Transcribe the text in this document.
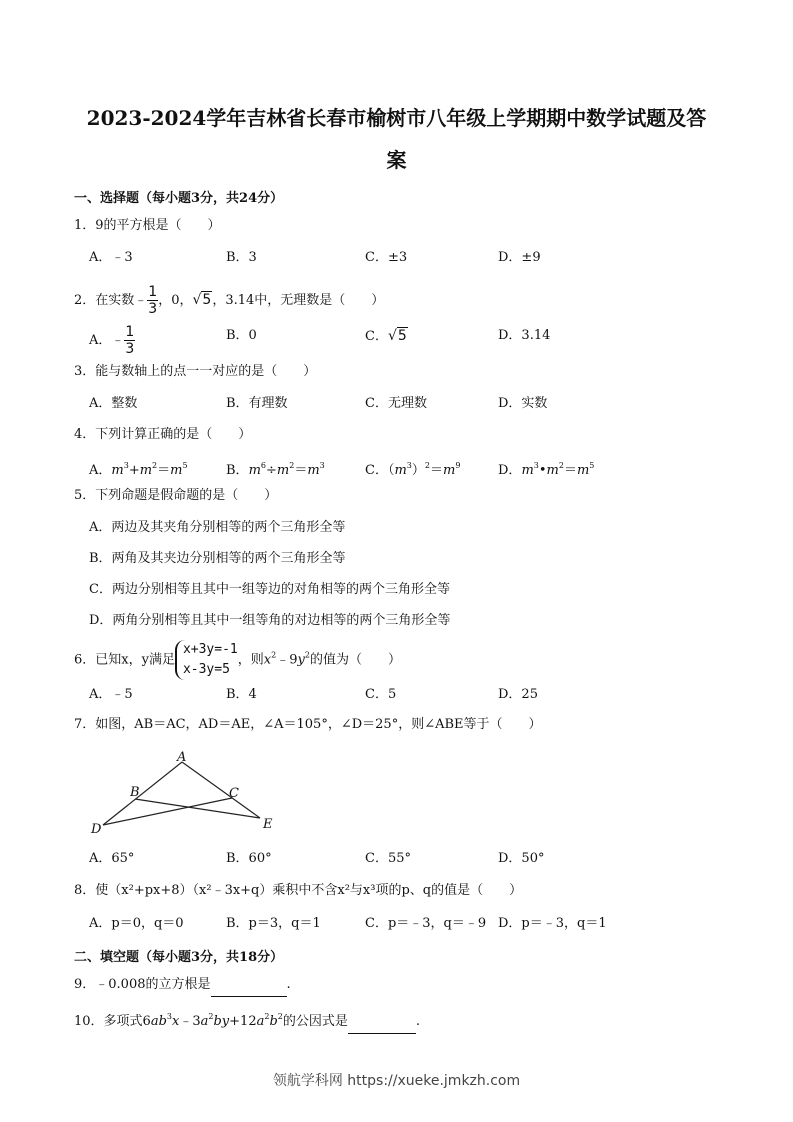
2023-2024学年吉林省长春市榆树市八年级上学期期中数学试题及答
案
一、选择题（每小题3分，共24分）
1．9的平方根是（　　）
A．﹣3	B．3	C．±3	D．±9
2．在实数﹣ $\frac{1}{3}$ ，0，√5，3.14中，无理数是（　　）
A．﹣ $\frac{1}{3}$	B．0	C．√5	D．3.14
3．能与数轴上的点一一对应的是（　　）
A．整数	B．有理数	C．无理数	D．实数
4．下列计算正确的是（　　）
A．$m^3+m^2=m^5$	B．$m^6\div m^2=m^3$	C．$(m^3)^2=m^9$	D．$m^3•m^2=m^5$
5．下列命题是假命题的是（　　）
A．两边及其夹角分别相等的两个三角形全等
B．两角及其夹边分别相等的两个三角形全等
C．两边分别相等且其中一组等边的对角相等的两个三角形全等
D．两角分别相等且其中一组等角的对边相等的两个三角形全等
6．已知x，y满足x+3y=-1
x-3y=5，则$x^2﹣9y^2$的值为（　　）
A．﹣5	B．4	C．5	D．25
7．如图，AB＝AC，AD＝AE，∠A＝105°，∠D＝25°，则∠ABE等于（　　）
A
B	C
D	E
A．65°	B．60°	C．55°	D．50°
8．使（x²+px+8）（x²﹣3x+q）乘积中不含x²与x³项的p、q的值是（　　）
A．p＝0，q＝0	B．p＝3，q＝1	C．p＝﹣3，q＝﹣9 D．p＝﹣3，q＝1
二、填空题（每小题3分，共18分）
9．﹣0.008的立方根是	.
10．多项式$6ab^3x﹣3a^2by+12a^2b^2$的公因式是	.
领航学科网 https://xueke.jmkzh.com
